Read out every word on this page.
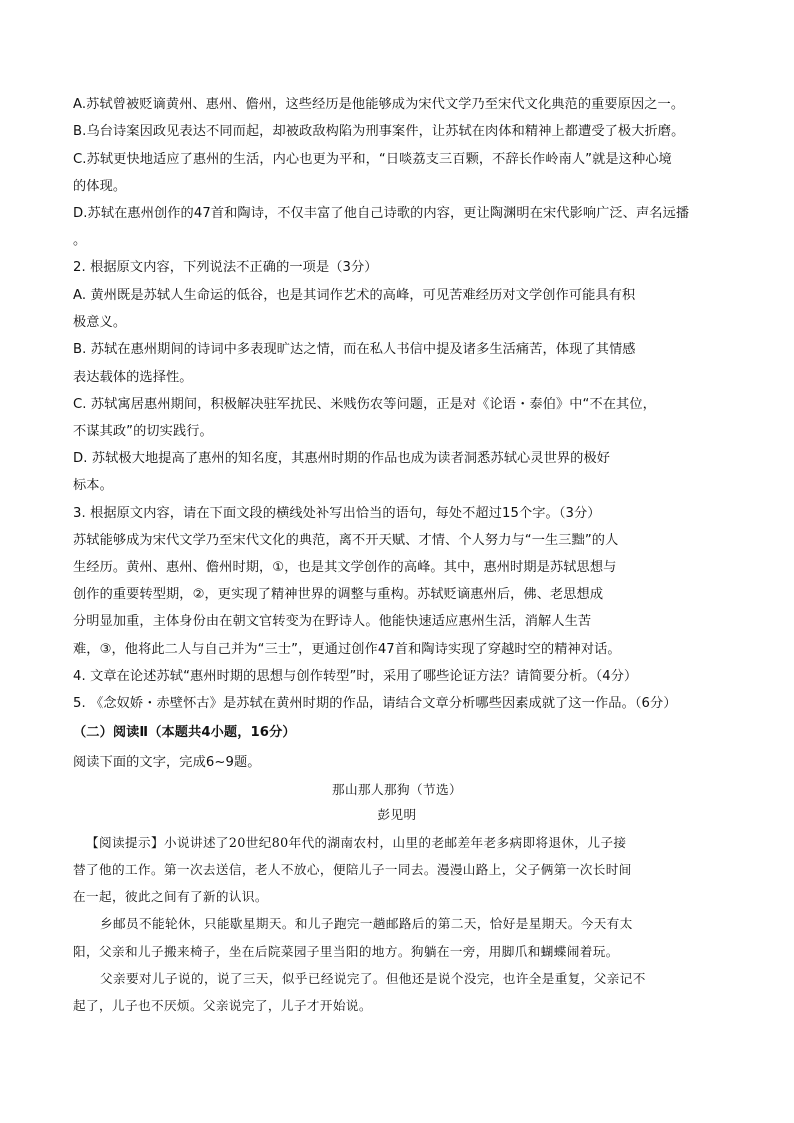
A.苏轼曾被贬谪黄州、惠州、儋州，这些经历是他能够成为宋代文学乃至宋代文化典范的重要原因之一。
B.乌台诗案因政见表达不同而起，却被政敌构陷为刑事案件，让苏轼在肉体和精神上都遭受了极大折磨。
C.苏轼更快地适应了惠州的生活，内心也更为平和，“日啖荔支三百颗，不辞长作岭南人”就是这种心境
的体现。
D.苏轼在惠州创作的47首和陶诗，不仅丰富了他自己诗歌的内容，更让陶渊明在宋代影响广泛、声名远播
。
2. 根据原文内容，下列说法不正确的一项是（3分）
A. 黄州既是苏轼人生命运的低谷，也是其词作艺术的高峰，可见苦难经历对文学创作可能具有积
极意义。
B. 苏轼在惠州期间的诗词中多表现旷达之情，而在私人书信中提及诸多生活痛苦，体现了其情感
表达载体的选择性。
C. 苏轼寓居惠州期间，积极解决驻军扰民、米贱伤农等问题，正是对《论语・泰伯》中“不在其位，
不谋其政”的切实践行。
D. 苏轼极大地提高了惠州的知名度，其惠州时期的作品也成为读者洞悉苏轼心灵世界的极好
标本。
3. 根据原文内容，请在下面文段的横线处补写出恰当的语句，每处不超过15个字。（3分）
苏轼能够成为宋代文学乃至宋代文化的典范，离不开天赋、才情、个人努力与“一生三黜”的人
生经历。黄州、惠州、儋州时期，①，也是其文学创作的高峰。其中，惠州时期是苏轼思想与
创作的重要转型期，②，更实现了精神世界的调整与重构。苏轼贬谪惠州后，佛、老思想成
分明显加重，主体身份由在朝文官转变为在野诗人。他能快速适应惠州生活，消解人生苦
难，③，他将此二人与自己并为“三士”，更通过创作47首和陶诗实现了穿越时空的精神对话。
4. 文章在论述苏轼“惠州时期的思想与创作转型”时，采用了哪些论证方法？请简要分析。（4分）
5. 《念奴娇・赤壁怀古》是苏轼在黄州时期的作品，请结合文章分析哪些因素成就了这一作品。（6分）
（二）阅读Ⅱ（本题共4小题，16分）
阅读下面的文字，完成6~9题。
那山那人那狗（节选）
彭见明
【阅读提示】小说讲述了20世纪80年代的湖南农村，山里的老邮差年老多病即将退休，儿子接
替了他的工作。第一次去送信，老人不放心，便陪儿子一同去。漫漫山路上，父子俩第一次长时间
在一起，彼此之间有了新的认识。
乡邮员不能轮休，只能歇星期天。和儿子跑完一趟邮路后的第二天，恰好是星期天。今天有太
阳，父亲和儿子搬来椅子，坐在后院菜园子里当阳的地方。狗躺在一旁，用脚爪和蝴蝶闹着玩。
父亲要对儿子说的，说了三天，似乎已经说完了。但他还是说个没完，也许全是重复，父亲记不
起了，儿子也不厌烦。父亲说完了，儿子才开始说。
